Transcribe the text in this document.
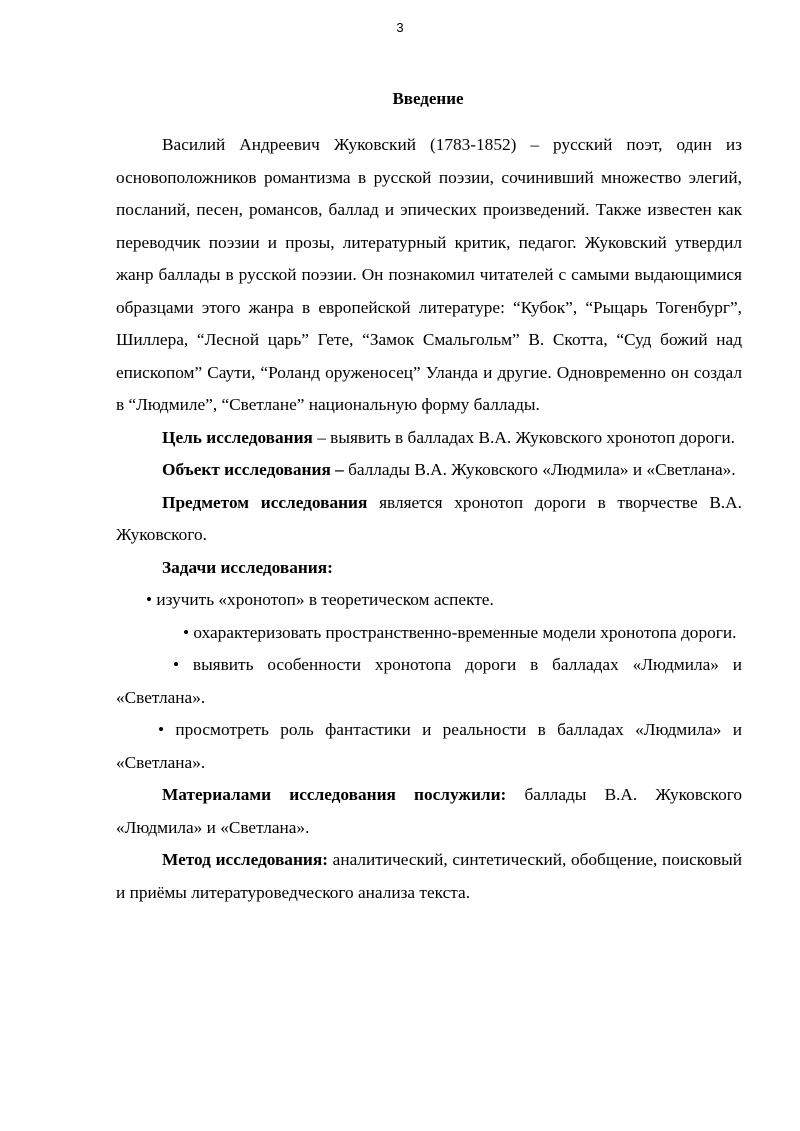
3
Введение

Василий Андреевич Жуковский (1783-1852) – русский поэт, один из основоположников романтизма в русской поэзии, сочинивший множество элегий, посланий, песен, романсов, баллад и эпических произведений. Также известен как переводчик поэзии и прозы, литературный критик, педагог. Жуковский утвердил жанр баллады в русской поэзии. Он познакомил читателей с самыми выдающимися образцами этого жанра в европейской литературе: “Кубок”, “Рыцарь Тогенбург”, Шиллера, “Лесной царь” Гете, “Замок Смальгольм” В. Скотта, “Суд божий над епископом” Саути, “Роланд оруженосец” Уланда и другие. Одновременно он создал в “Людмиле”, “Светлане” национальную форму баллады.

Цель исследования – выявить в балладах В.А. Жуковского хронотоп дороги.

Объект исследования – баллады В.А. Жуковского «Людмила» и «Светлана».

Предметом исследования является хронотоп дороги в творчестве В.А. Жуковского.

Задачи исследования:

• изучить «хронотоп» в теоретическом аспекте.

• охарактеризовать пространственно-временные модели хронотопа дороги.

• выявить особенности хронотопа дороги в балладах «Людмила» и «Светлана».

• просмотреть роль фантастики и реальности в балладах «Людмила» и «Светлана».

Материалами исследования послужили: баллады В.А. Жуковского «Людмила» и «Светлана».

Метод исследования: аналитический, синтетический, обобщение, поисковый и приёмы литературоведческого анализа текста.
